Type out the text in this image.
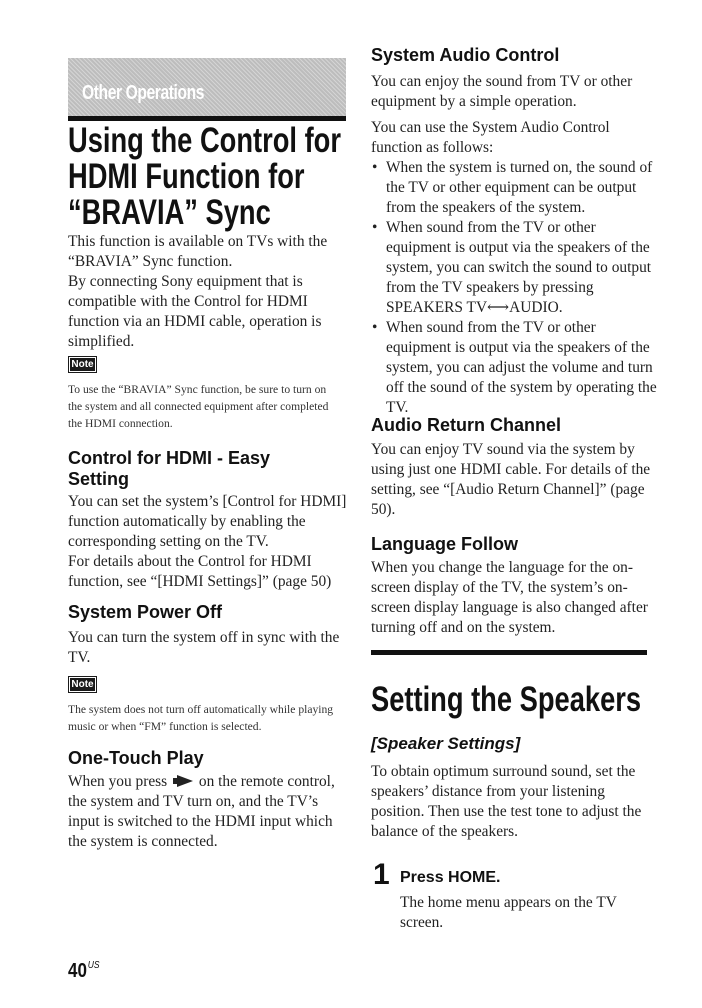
Other Operations
Using the Control for
HDMI Function for
“BRAVIA” Sync

This function is available on TVs with the “BRAVIA” Sync function.

By connecting Sony equipment that is compatible with the Control for HDMI function via an HDMI cable, operation is simplified.

Note

To use the “BRAVIA” Sync function, be sure to turn on the system and all connected equipment after completed the HDMI connection.

Control for HDMI - Easy
Setting

You can set the system’s [Control for HDMI] function automatically by enabling the corresponding setting on the TV.

For details about the Control for HDMI function, see “[HDMI Settings]” (page 50)

System Power Off

You can turn the system off in sync with the TV.

Note

The system does not turn off automatically while playing music or when “FM” function is selected.

One-Touch Play

When you press on the remote control, the system and TV turn on, and the TV’s input is switched to the HDMI input which the system is connected.

System Audio Control

You can enjoy the sound from TV or other equipment by a simple operation.

You can use the System Audio Control function as follows:

• When the system is turned on, the sound of the TV or other equipment can be output from the speakers of the system.
• When sound from the TV or other equipment is output via the speakers of the system, you can switch the sound to output from the TV speakers by pressing SPEAKERS TV⟷AUDIO.
• When sound from the TV or other equipment is output via the speakers of the system, you can adjust the volume and turn off the sound of the system by operating the TV.
Audio Return Channel

You can enjoy TV sound via the system by using just one HDMI cable. For details of the setting, see “[Audio Return Channel]” (page 50).

Language Follow

When you change the language for the on-screen display of the TV, the system’s on-screen display language is also changed after turning off and on the system.

Setting the Speakers
[Speaker Settings]

To obtain optimum surround sound, set the speakers’ distance from your listening position. Then use the test tone to adjust the balance of the speakers.

1 Press HOME.

The home menu appears on the TV screen.

$40^{US}$
